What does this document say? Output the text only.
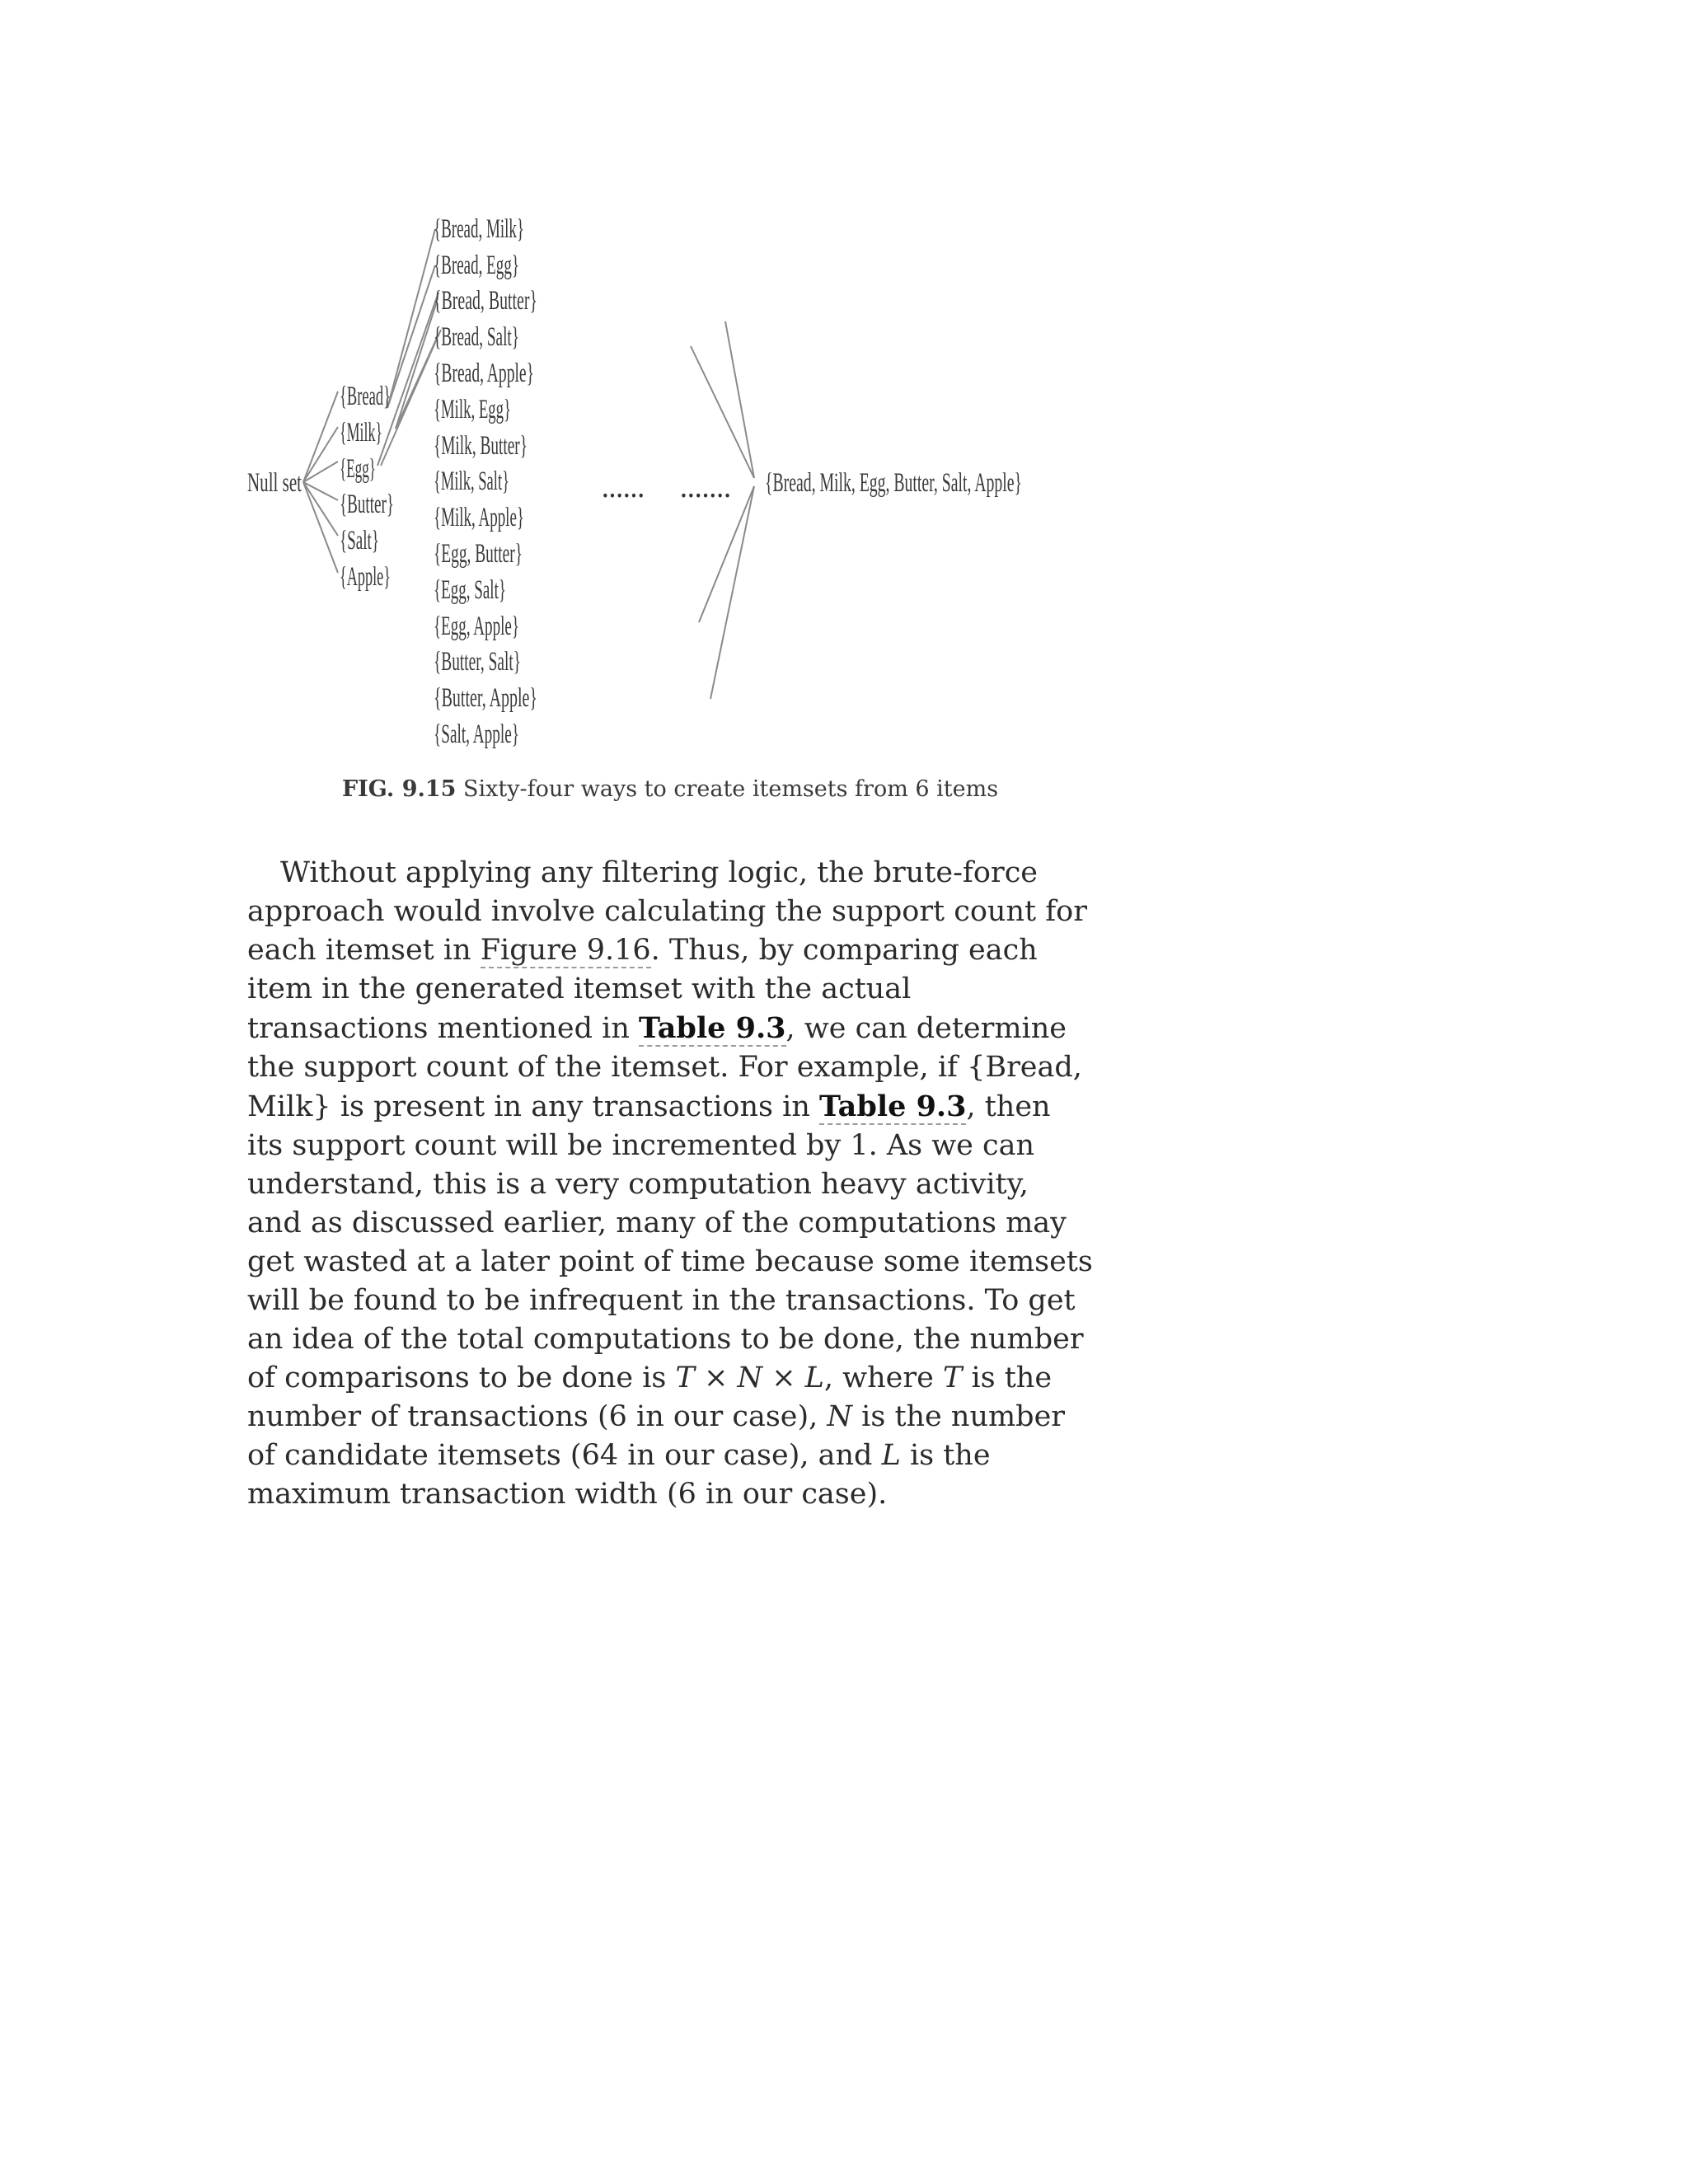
Null set
{Bread}
{Milk}
{Egg}
{Butter}
{Salt}
{Apple}
{Bread, Milk}
{Bread, Egg}
{Bread, Butter}
{Bread, Salt}
{Bread, Apple}
{Milk, Egg}
{Milk, Butter}
{Milk, Salt}
{Milk, Apple}
{Egg, Butter}
{Egg, Salt}
{Egg, Apple}
{Butter, Salt}
{Butter, Apple}
{Salt, Apple}
••••••	••••••• {Bread, Milk, Egg, Butter, Salt, Apple}
FIG. 9.15 Sixty-four ways to create itemsets from 6 items
Without applying any filtering logic, the brute-force
approach would involve calculating the support count for
each itemset in Figure 9.16. Thus, by comparing each
item in the generated itemset with the actual
transactions mentioned in Table 9.3, we can determine
the support count of the itemset. For example, if {Bread,
Milk} is present in any transactions in Table 9.3, then
its support count will be incremented by 1. As we can
understand, this is a very computation heavy activity,
and as discussed earlier, many of the computations may
get wasted at a later point of time because some itemsets
will be found to be infrequent in the transactions. To get
an idea of the total computations to be done, the number
of comparisons to be done is T × N × L, where T is the
number of transactions (6 in our case), N is the number
of candidate itemsets (64 in our case), and L is the
maximum transaction width (6 in our case).
